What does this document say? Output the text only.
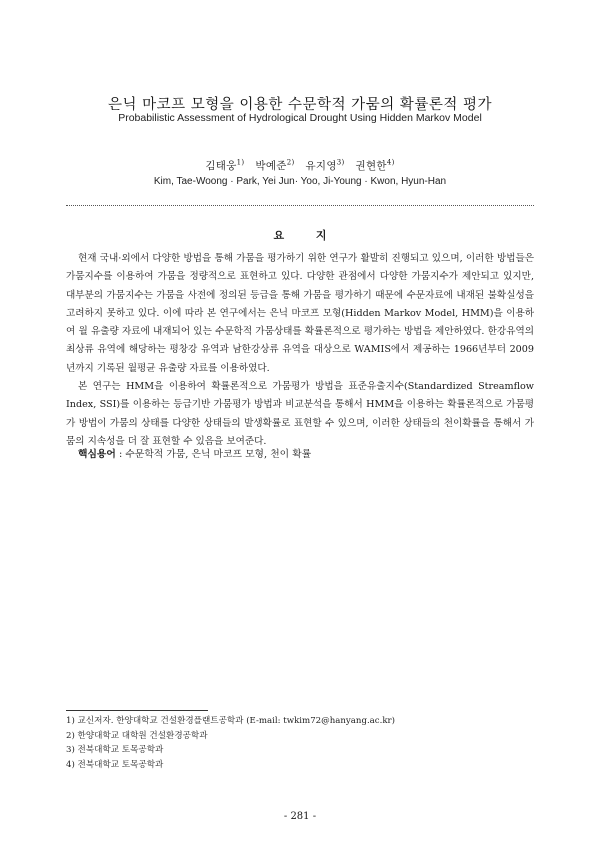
은닉 마코프 모형을 이용한 수문학적 가뭄의 확률론적 평가
Probabilistic Assessment of Hydrological Drought Using Hidden Markov Model
김태웅$^{1)}$ 박예준$^{2)}$ 유지영$^{3)}$ 권현한$^{4)}$
Kim, Tae-Woong · Park, Yei Jun· Yoo, Ji-Young · Kwon, Hyun-Han
요 지

현재 국내·외에서 다양한 방법을 통해 가뭄을 평가하기 위한 연구가 활발히 진행되고 있으며, 이러한 방법들은 가뭄지수를 이용하여 가뭄을 정량적으로 표현하고 있다. 다양한 관점에서 다양한 가뭄지수가 제안되고 있지만, 대부분의 가뭄지수는 가뭄을 사전에 정의된 등급을 통해 가뭄을 평가하기 때문에 수문자료에 내재된 불확실성을 고려하지 못하고 있다. 이에 따라 본 연구에서는 은닉 마코프 모형(Hidden Markov Model, HMM)을 이용하여 월 유출량 자료에 내재되어 있는 수문학적 가뭄상태를 확률론적으로 평가하는 방법을 제안하였다. 한강유역의 최상류 유역에 해당하는 평창강 유역과 남한강상류 유역을 대상으로 WAMIS에서 제공하는 1966년부터 2009년까지 기록된 월평균 유출량 자료를 이용하였다.

본 연구는 HMM을 이용하여 확률론적으로 가뭄평가 방법을 표준유출지수(Standardized Streamflow Index, SSI)를 이용하는 등급기반 가뭄평가 방법과 비교분석을 통해서 HMM을 이용하는 확률론적으로 가뭄평가 방법이 가뭄의 상태를 다양한 상태들의 발생확률로 표현할 수 있으며, 이러한 상태들의 천이확률을 통해서 가뭄의 지속성을 더 잘 표현할 수 있음을 보여준다.

핵심용어 : 수문학적 가뭄, 은닉 마코프 모형, 천이 확률
1) 교신저자. 한양대학교 건설환경플랜트공학과 (E-mail: twkim72@hanyang.ac.kr)
2) 한양대학교 대학원 건설환경공학과
3) 전북대학교 토목공학과
4) 전북대학교 토목공학과
- 281 -
